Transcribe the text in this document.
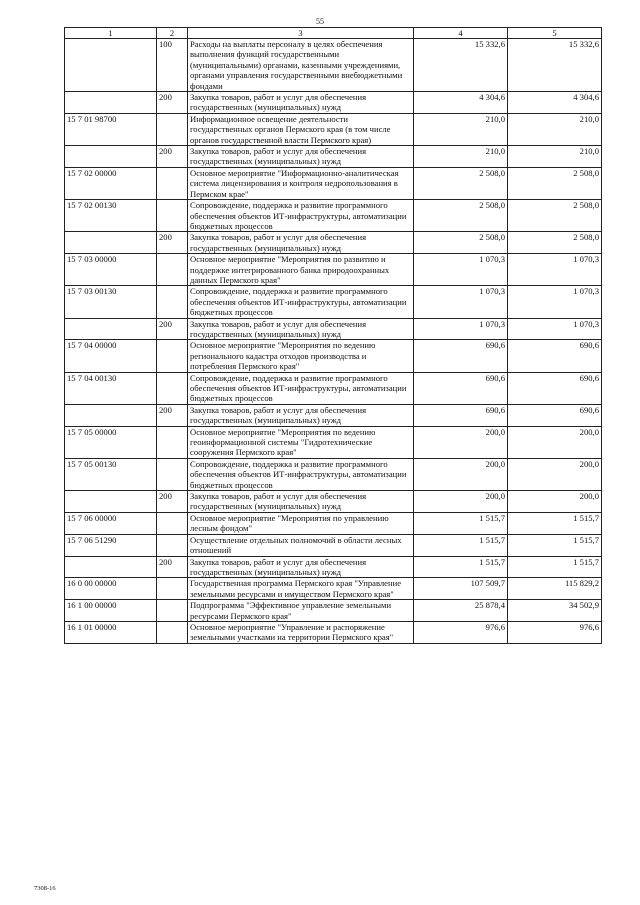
55
1	2	3	4	5
	100	Расходы на выплаты персоналу в целях обеспечения выполнения функций государственными (муниципальными) органами, казенными учреждениями, органами управления государственными внебюджетными фондами	15 332,6	15 332,6
	200	Закупка товаров, работ и услуг для обеспечения государственных (муниципальных) нужд	4 304,6	4 304,6
15 7 01 98700		Информационное освещение деятельности государственных органов Пермского края (в том числе органов государственной власти Пермского края)	210,0	210,0
	200	Закупка товаров, работ и услуг для обеспечения государственных (муниципальных) нужд	210,0	210,0
15 7 02 00000		Основное мероприятие "Информационно-аналитическая система лицензирования и контроля недропользования в Пермском крае"	2 508,0	2 508,0
15 7 02 00130		Сопровождение, поддержка и развитие программного обеспечения объектов ИТ-инфраструктуры, автоматизации бюджетных процессов	2 508,0	2 508,0
	200	Закупка товаров, работ и услуг для обеспечения государственных (муниципальных) нужд	2 508,0	2 508,0
15 7 03 00000		Основное мероприятие "Мероприятия по развитию и поддержке интегрированного банка природоохранных данных Пермского края"	1 070,3	1 070,3
15 7 03 00130		Сопровождение, поддержка и развитие программного обеспечения объектов ИТ-инфраструктуры, автоматизации бюджетных процессов	1 070,3	1 070,3
	200	Закупка товаров, работ и услуг для обеспечения государственных (муниципальных) нужд	1 070,3	1 070,3
15 7 04 00000		Основное мероприятие "Мероприятия по ведению регионального кадастра отходов производства и потребления Пермского края"	690,6	690,6
15 7 04 00130		Сопровождение, поддержка и развитие программного обеспечения объектов ИТ-инфраструктуры, автоматизации бюджетных процессов	690,6	690,6
	200	Закупка товаров, работ и услуг для обеспечения государственных (муниципальных) нужд	690,6	690,6
15 7 05 00000		Основное мероприятие "Мероприятия по ведению геоинформационной системы "Гидротехнические сооружения Пермского края"	200,0	200,0
15 7 05 00130		Сопровождение, поддержка и развитие программного обеспечения объектов ИТ-инфраструктуры, автоматизации бюджетных процессов	200,0	200,0
	200	Закупка товаров, работ и услуг для обеспечения государственных (муниципальных) нужд	200,0	200,0
15 7 06 00000		Основное мероприятие "Мероприятия по управлению лесным фондом"	1 515,7	1 515,7
15 7 06 51290		Осуществление отдельных полномочий в области лесных отношений	1 515,7	1 515,7
	200	Закупка товаров, работ и услуг для обеспечения государственных (муниципальных) нужд	1 515,7	1 515,7
16 0 00 00000		Государственная программа Пермского края "Управление земельными ресурсами и имуществом Пермского края"	107 509,7	115 829,2
16 1 00 00000		Подпрограмма "Эффективное управление земельными ресурсами Пермского края"	25 878,4	34 502,9
16 1 01 00000		Основное мероприятие "Управление и распоряжение земельными участками на территории Пермского края"	976,6	976,6
7308-16
